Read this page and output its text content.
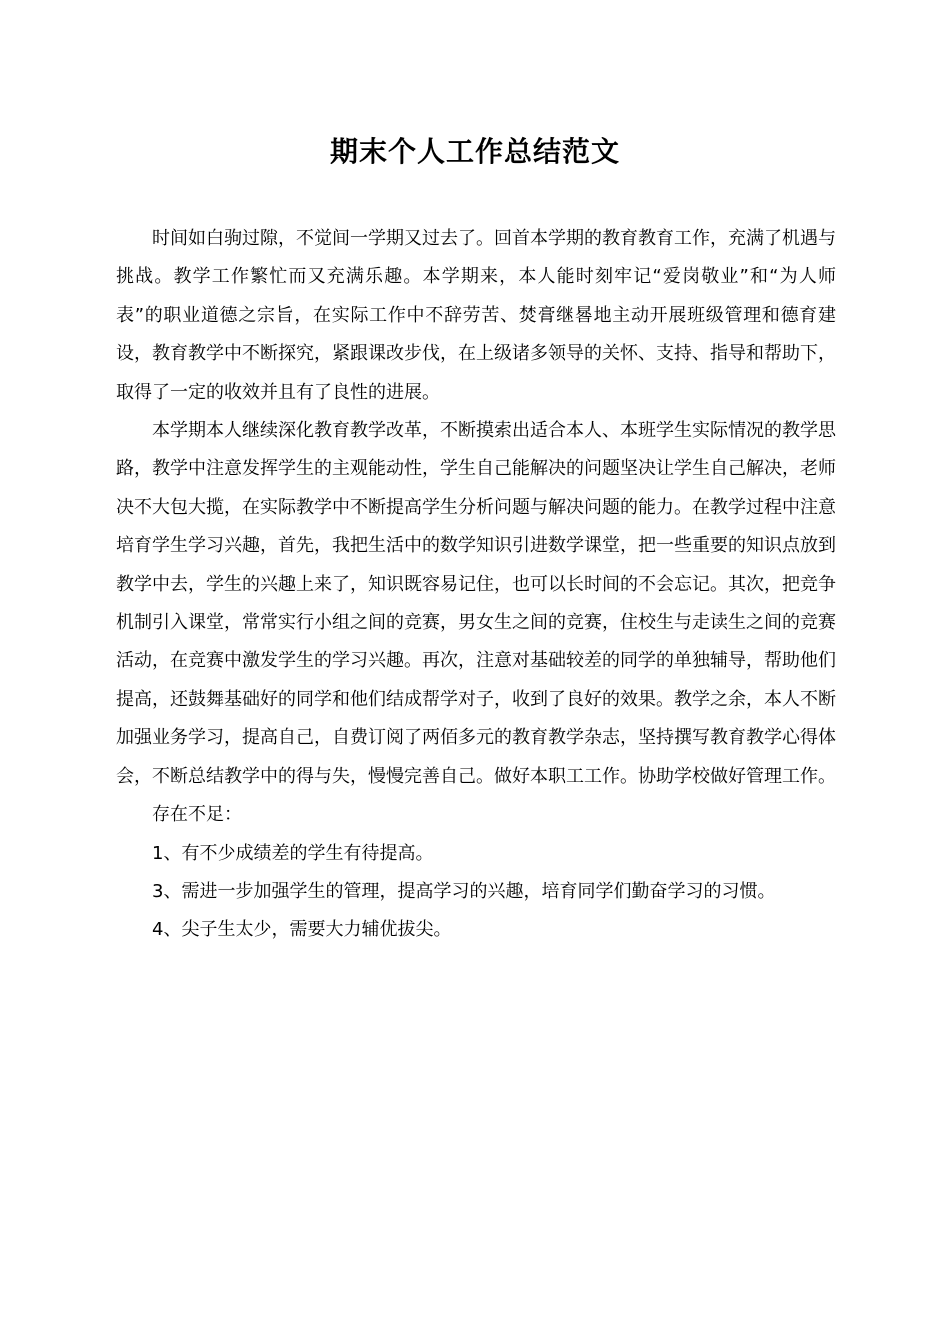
期末个人工作总结范文

时间如白驹过隙，不觉间一学期又过去了。回首本学期的教育教育工作，充满了机遇与挑战。教学工作繁忙而又充满乐趣。本学期来，本人能时刻牢记“爱岗敬业”和“为人师表”的职业道德之宗旨，在实际工作中不辞劳苦、焚膏继晷地主动开展班级管理和德育建设，教育教学中不断探究，紧跟课改步伐，在上级诸多领导的关怀、支持、指导和帮助下，取得了一定的收效并且有了良性的进展。

本学期本人继续深化教育教学改革，不断摸索出适合本人、本班学生实际情况的教学思路，教学中注意发挥学生的主观能动性，学生自己能解决的问题坚决让学生自己解决，老师决不大包大揽，在实际教学中不断提高学生分析问题与解决问题的能力。在教学过程中注意培育学生学习兴趣，首先，我把生活中的数学知识引进数学课堂，把一些重要的知识点放到教学中去，学生的兴趣上来了，知识既容易记住，也可以长时间的不会忘记。其次，把竞争机制引入课堂，常常实行小组之间的竞赛，男女生之间的竞赛，住校生与走读生之间的竞赛活动，在竞赛中激发学生的学习兴趣。再次，注意对基础较差的同学的单独辅导，帮助他们提高，还鼓舞基础好的同学和他们结成帮学对子，收到了良好的效果。教学之余，本人不断加强业务学习，提高自己，自费订阅了两佰多元的教育教学杂志，坚持撰写教育教学心得体会，不断总结教学中的得与失，慢慢完善自己。做好本职工工作。协助学校做好管理工作。

存在不足：

1、有不少成绩差的学生有待提高。

3、需进一步加强学生的管理，提高学习的兴趣，培育同学们勤奋学习的习惯。

4、尖子生太少，需要大力辅优拔尖。
